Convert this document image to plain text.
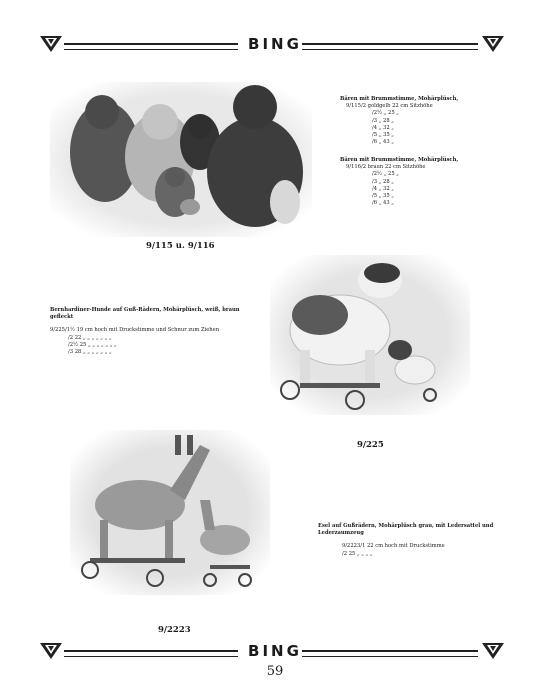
BING
9/115 u. 9/116
Bären mit Brummstimme, Mohärplüsch,
9/115/2 goldgelb 22 cm Sitzhöhe
/2½ „ 25 „
/3 „ 28 „
/4 „ 32 „
/5 „ 35 „
/6 „ 43 „
Bären mit Brummstimme, Mohärplüsch,
9/116/2 braun 22 cm Sitzhöhe
/2½ „ 25 „
/3 „ 28 „
/4 „ 32 „
/5 „ 35 „
/6 „ 43 „
Bernhardiner-Hunde auf Guß-Rädern, Mohärplüsch, weiß, braun gefleckt
9/225/1½ 19 cm hoch mit Druckstimme und Schnur zum Ziehen
/2 22 „ „ „ „ „ „ „
/2½ 25 „ „ „ „ „ „ „
/3 28 „ „ „ „ „ „ „
9/225
9/2223
Esel auf Gußrädern, Mohärplüsch grau, mit Ledersattel und Lederzaumzeug
9/2223/1 22 cm hoch mit Druckstimme
/2 25 „ „ „ „
BING
59
